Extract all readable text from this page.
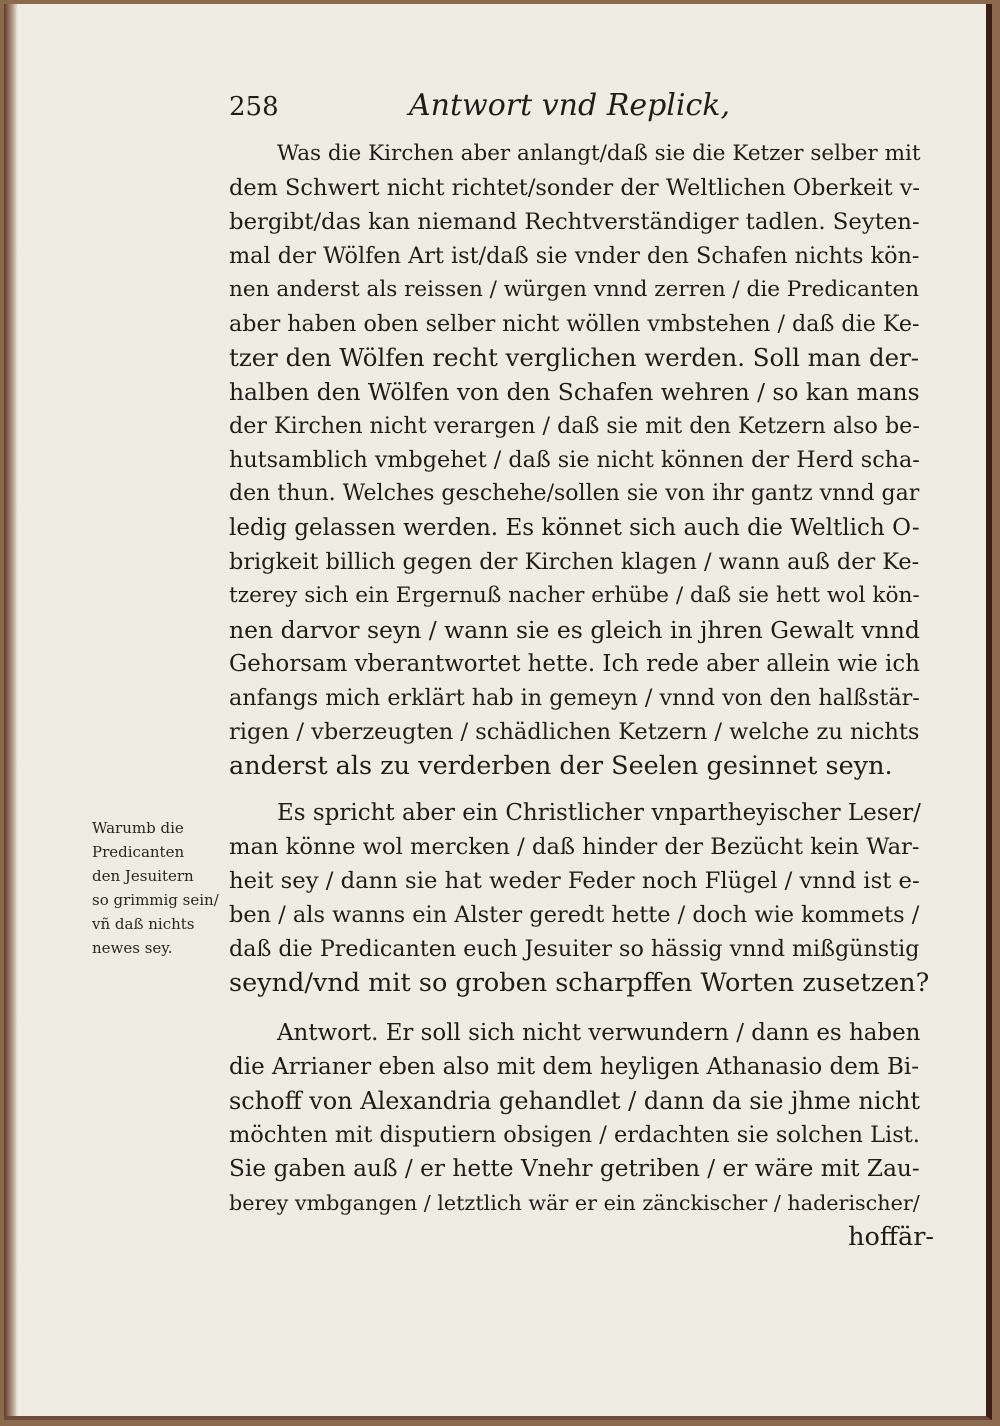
258	Antwort vnd Replick,
Was die Kirchen aber anlangt/daß sie die Ketzer selber mit
dem Schwert nicht richtet/sonder der Weltlichen Oberkeit v-
bergibt/das kan niemand Rechtverständiger tadlen. Seyten-
mal der Wölfen Art ist/daß sie vnder den Schafen nichts kön-
nen anderst als reissen / würgen vnnd zerren / die Predicanten
aber haben oben selber nicht wöllen vmbstehen / daß die Ke-
tzer den Wölfen recht verglichen werden. Soll man der-
halben den Wölfen von den Schafen wehren / so kan mans
der Kirchen nicht verargen / daß sie mit den Ketzern also be-
hutsamblich vmbgehet / daß sie nicht können der Herd scha-
den thun. Welches geschehe/sollen sie von ihr gantz vnnd gar
ledig gelassen werden. Es könnet sich auch die Weltlich O-
brigkeit billich gegen der Kirchen klagen / wann auß der Ke-
tzerey sich ein Ergernuß nacher erhübe / daß sie hett wol kön-
nen darvor seyn / wann sie es gleich in jhren Gewalt vnnd
Gehorsam vberantwortet hette. Ich rede aber allein wie ich
anfangs mich erklärt hab in gemeyn / vnnd von den halßstär-
rigen / vberzeugten / schädlichen Ketzern / welche zu nichts
anderst als zu verderben der Seelen gesinnet seyn.
Warumb die
Predicanten
den Jesuitern
so grimmig sein/
vñ daß nichts
newes sey.
Es spricht aber ein Christlicher vnpartheyischer Leser/
man könne wol mercken / daß hinder der Bezücht kein War-
heit sey / dann sie hat weder Feder noch Flügel / vnnd ist e-
ben / als wanns ein Alster geredt hette / doch wie kommets /
daß die Predicanten euch Jesuiter so hässig vnnd mißgünstig
seynd/vnd mit so groben scharpffen Worten zusetzen?
Antwort. Er soll sich nicht verwundern / dann es haben
die Arrianer eben also mit dem heyligen Athanasio dem Bi-
schoff von Alexandria gehandlet / dann da sie jhme nicht
möchten mit disputiern obsigen / erdachten sie solchen List.
Sie gaben auß / er hette Vnehr getriben / er wäre mit Zau-
berey vmbgangen / letztlich wär er ein zänckischer / haderischer/
hoffär-
